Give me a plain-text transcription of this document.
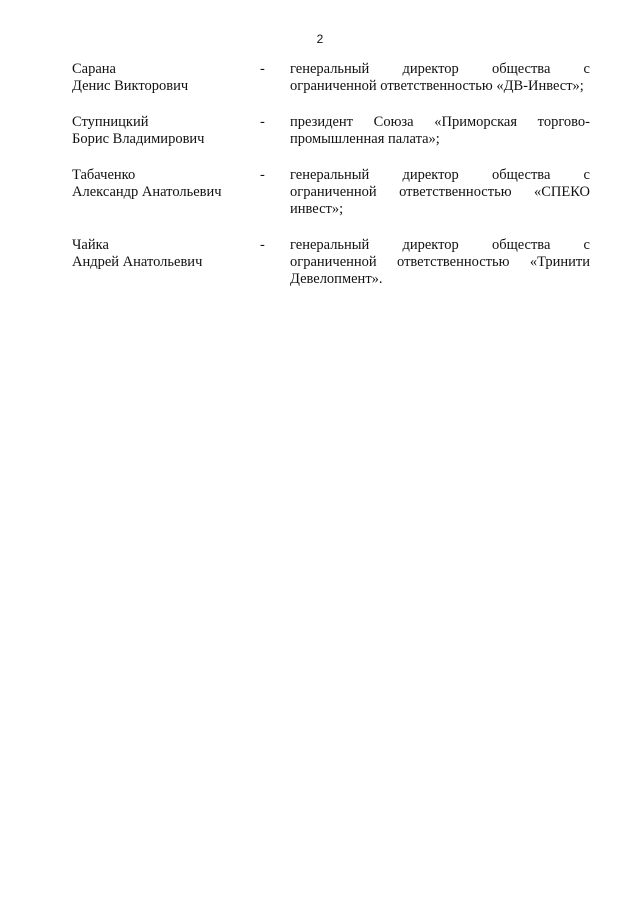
2
Сарана
Денис Викторович
-	генеральный директор общества с ограниченной ответственностью «ДВ-Инвест»;
Ступницкий
Борис Владимирович
-	президент Союза «Приморская торгово-промышленная палата»;
Табаченко
Александр Анатольевич
-	генеральный директор общества с ограниченной ответственностью «СПЕКО инвест»;
Чайка
Андрей Анатольевич
-	генеральный директор общества с ограниченной ответственностью «Тринити Девелопмент».
